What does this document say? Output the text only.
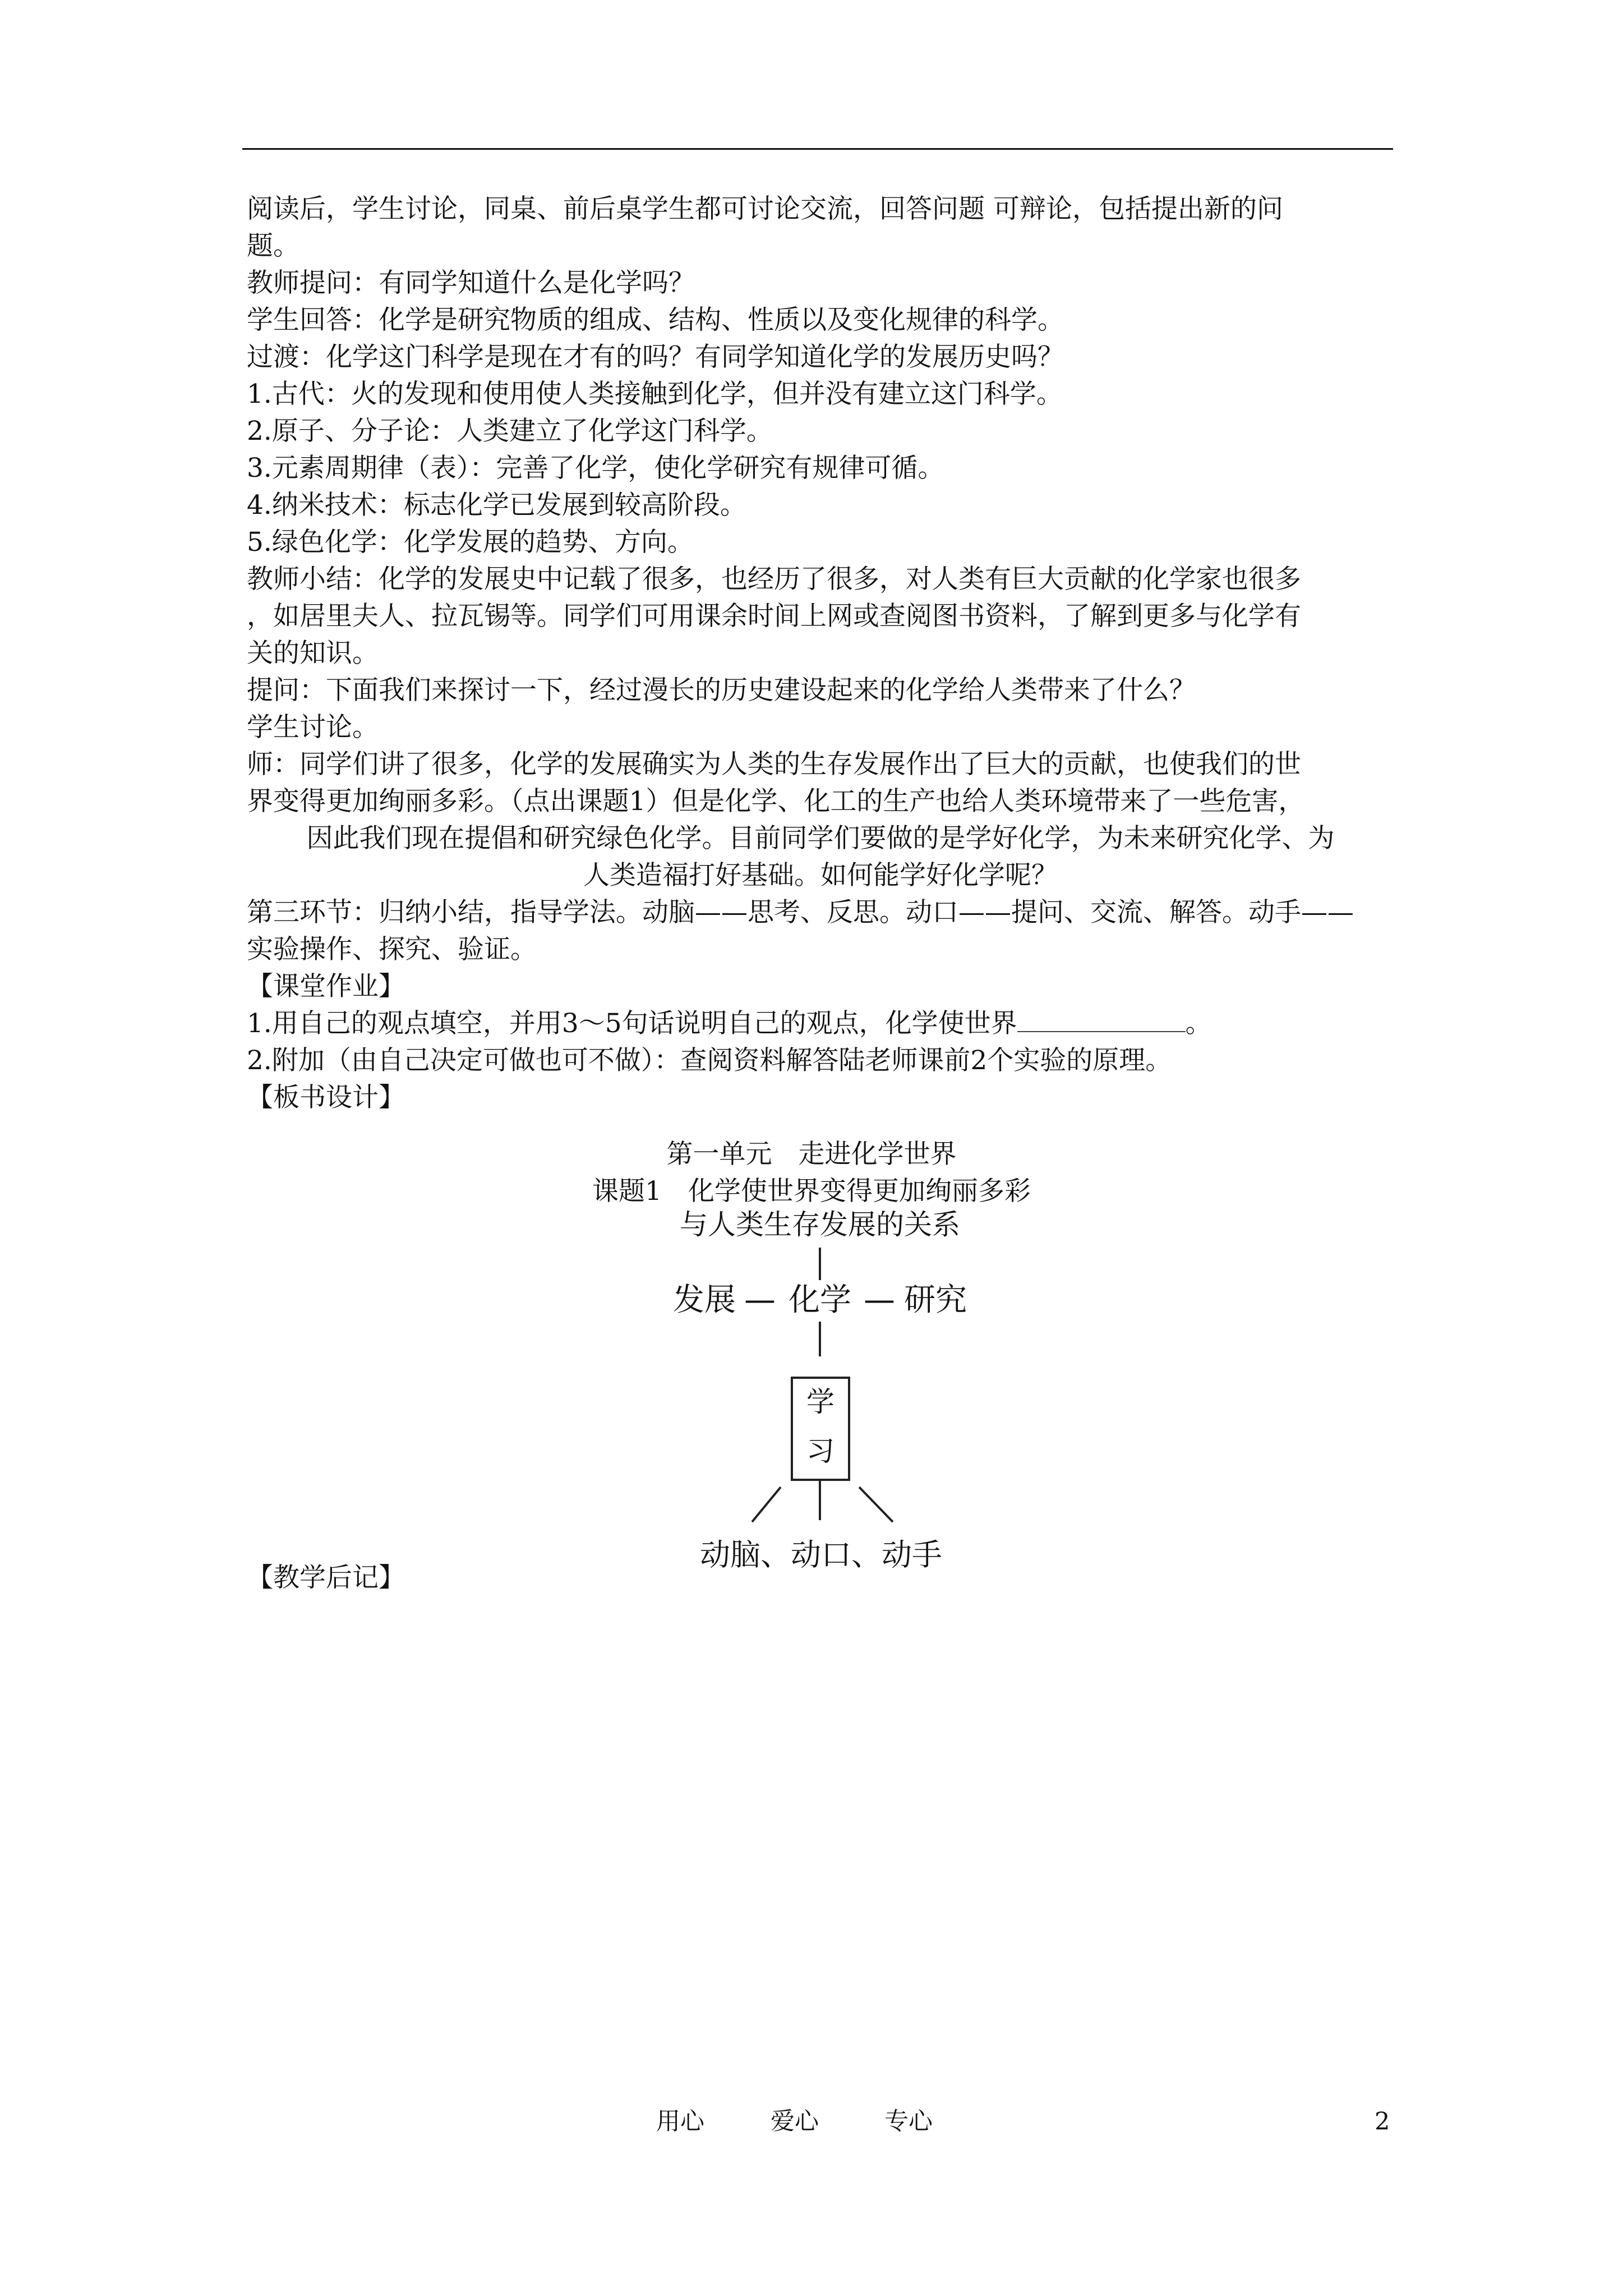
阅读后，学生讨论，同桌、前后桌学生都可讨论交流，回答问题 可辩论，包括提出新的问

题。

教师提问：有同学知道什么是化学吗？

学生回答：化学是研究物质的组成、结构、性质以及变化规律的科学。

过渡：化学这门科学是现在才有的吗？有同学知道化学的发展历史吗？

1.古代：火的发现和使用使人类接触到化学，但并没有建立这门科学。

2.原子、分子论：人类建立了化学这门科学。

3.元素周期律（表）：完善了化学，使化学研究有规律可循。

4.纳米技术：标志化学已发展到较高阶段。

5.绿色化学：化学发展的趋势、方向。

教师小结：化学的发展史中记载了很多，也经历了很多，对人类有巨大贡献的化学家也很多

，如居里夫人、拉瓦锡等。同学们可用课余时间上网或查阅图书资料，了解到更多与化学有

关的知识。

提问：下面我们来探讨一下，经过漫长的历史建设起来的化学给人类带来了什么？

学生讨论。

师：同学们讲了很多，化学的发展确实为人类的生存发展作出了巨大的贡献，也使我们的世

界变得更加绚丽多彩。（点出课题1）但是化学、化工的生产也给人类环境带来了一些危害，

因此我们现在提倡和研究绿色化学。目前同学们要做的是学好化学，为未来研究化学、为

人类造福打好基础。如何能学好化学呢？

第三环节：归纳小结，指导学法。动脑——思考、反思。动口——提问、交流、解答。动手——

实验操作、探究、验证。

【课堂作业】

1.用自己的观点填空，并用3～5句话说明自己的观点，化学使世界	。

2.附加（由自己决定可做也可不做）：查阅资料解答陆老师课前2个实验的原理。

【板书设计】

第一单元　走进化学世界
课题1　化学使世界变得更加绚丽多彩
与人类生存发展的关系
发展 — 化学 — 研究
学
习
动脑、动口、动手
【教学后记】
用心	爱心	专心	2
